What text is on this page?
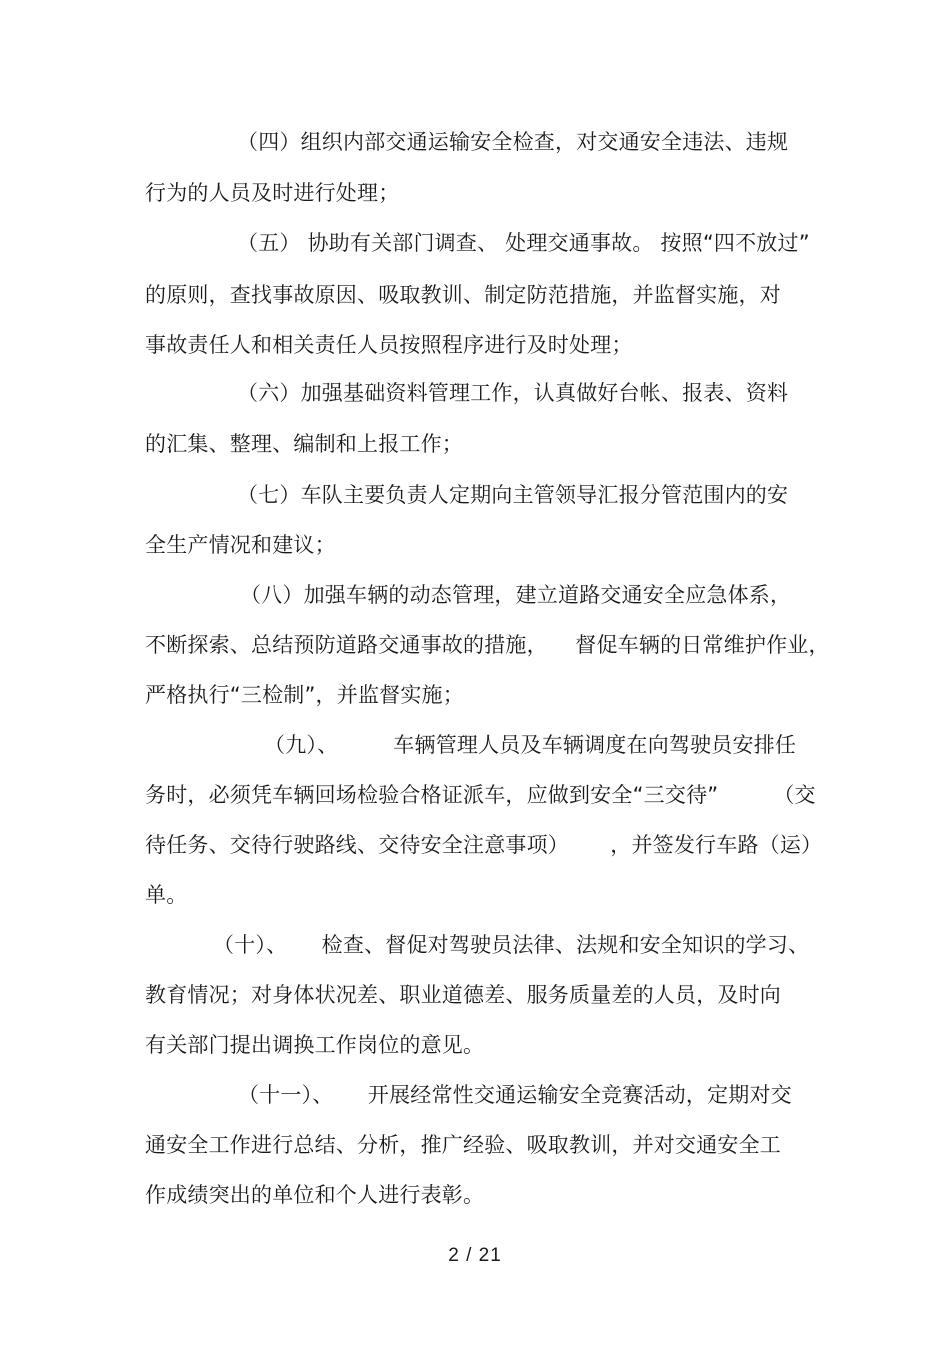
（四）组织内部交通运输安全检查，对交通安全违法、违规
行为的人员及时进行处理；
（五） 协助有关部门调查、 处理交通事故。 按照“四不放过”
的原则，查找事故原因、吸取教训、制定防范措施，并监督实施，对
事故责任人和相关责任人员按照程序进行及时处理；
（六）加强基础资料管理工作，认真做好台帐、报表、资料
的汇集、整理、编制和上报工作；
（七）车队主要负责人定期向主管领导汇报分管范围内的安
全生产情况和建议；
（八）加强车辆的动态管理，建立道路交通安全应急体系，
不断探索、总结预防道路交通事故的措施，    督促车辆的日常维护作业，
严格执行“三检制”，并监督实施；
（九）、        车辆管理人员及车辆调度在向驾驶员安排任
务时，必须凭车辆回场检验合格证派车，应做到安全“三交待”        （交
待任务、交待行驶路线、交待安全注意事项）      ，并签发行车路（运）
单。
（十）、     检查、督促对驾驶员法律、法规和安全知识的学习、
教育情况；对身体状况差、职业道德差、服务质量差的人员，及时向
有关部门提出调换工作岗位的意见。
（十一）、     开展经常性交通运输安全竞赛活动，定期对交
通安全工作进行总结、分析，推广经验、吸取教训，并对交通安全工
作成绩突出的单位和个人进行表彰。
2 / 21
